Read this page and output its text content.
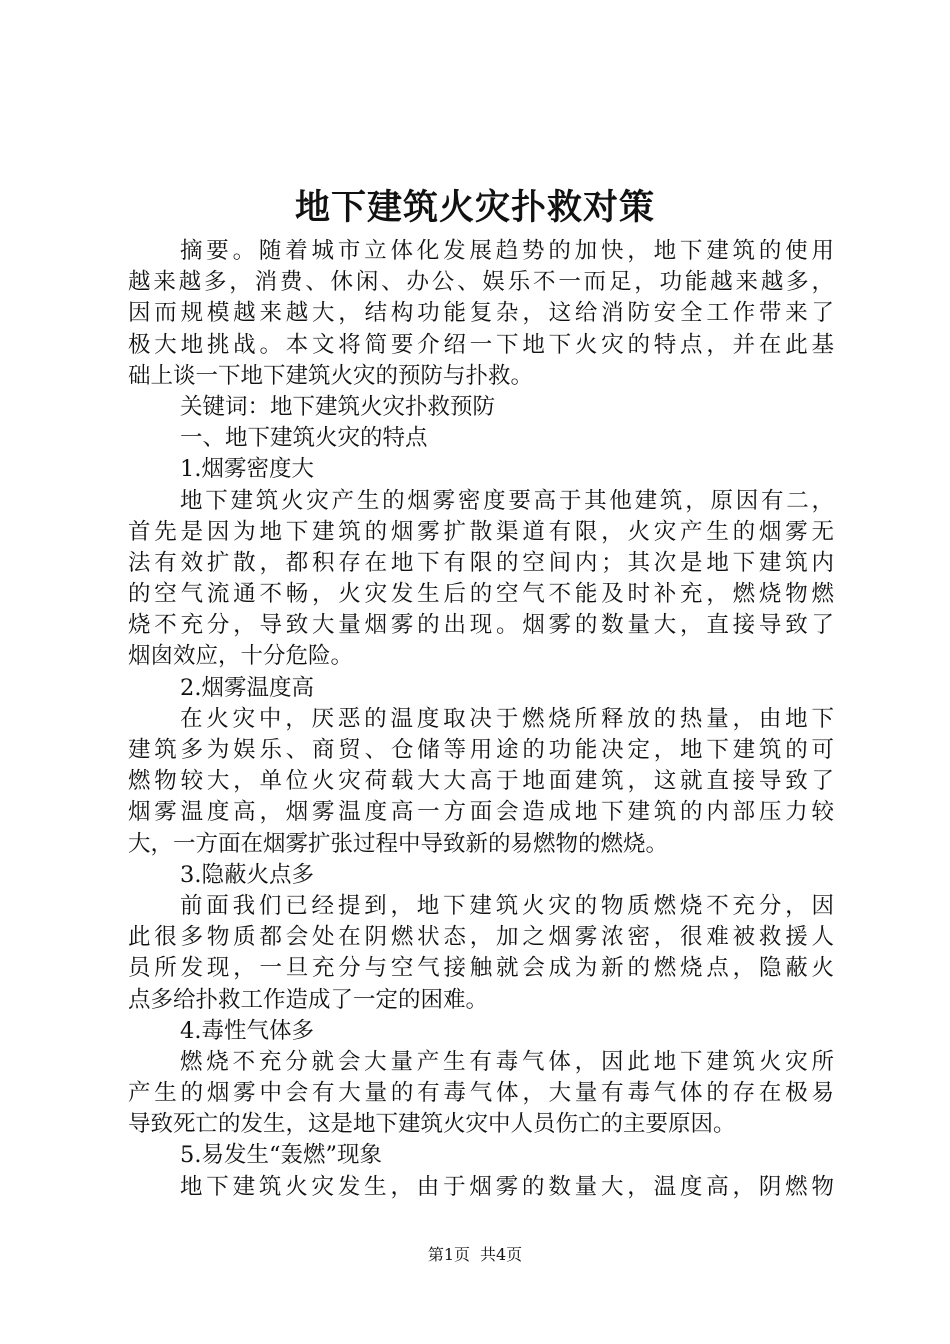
地下建筑火灾扑救对策
摘要。随着城市立体化发展趋势的加快，地下建筑的使用
越来越多，消费、休闲、办公、娱乐不一而足，功能越来越多，
因而规模越来越大，结构功能复杂，这给消防安全工作带来了
极大地挑战。本文将简要介绍一下地下火灾的特点，并在此基
础上谈一下地下建筑火灾的预防与扑救。
关键词：地下建筑火灾扑救预防
一、地下建筑火灾的特点
1.烟雾密度大
地下建筑火灾产生的烟雾密度要高于其他建筑，原因有二，
首先是因为地下建筑的烟雾扩散渠道有限，火灾产生的烟雾无
法有效扩散，都积存在地下有限的空间内；其次是地下建筑内
的空气流通不畅，火灾发生后的空气不能及时补充，燃烧物燃
烧不充分，导致大量烟雾的出现。烟雾的数量大，直接导致了
烟囱效应，十分危险。
2.烟雾温度高
在火灾中，厌恶的温度取决于燃烧所释放的热量，由地下
建筑多为娱乐、商贸、仓储等用途的功能决定，地下建筑的可
燃物较大，单位火灾荷载大大高于地面建筑，这就直接导致了
烟雾温度高，烟雾温度高一方面会造成地下建筑的内部压力较
大，一方面在烟雾扩张过程中导致新的易燃物的燃烧。
3.隐蔽火点多
前面我们已经提到，地下建筑火灾的物质燃烧不充分，因
此很多物质都会处在阴燃状态，加之烟雾浓密，很难被救援人
员所发现，一旦充分与空气接触就会成为新的燃烧点，隐蔽火
点多给扑救工作造成了一定的困难。
4.毒性气体多
燃烧不充分就会大量产生有毒气体，因此地下建筑火灾所
产生的烟雾中会有大量的有毒气体，大量有毒气体的存在极易
导致死亡的发生，这是地下建筑火灾中人员伤亡的主要原因。
5.易发生“轰燃”现象
地下建筑火灾发生，由于烟雾的数量大，温度高，阴燃物
第1页 共4页
